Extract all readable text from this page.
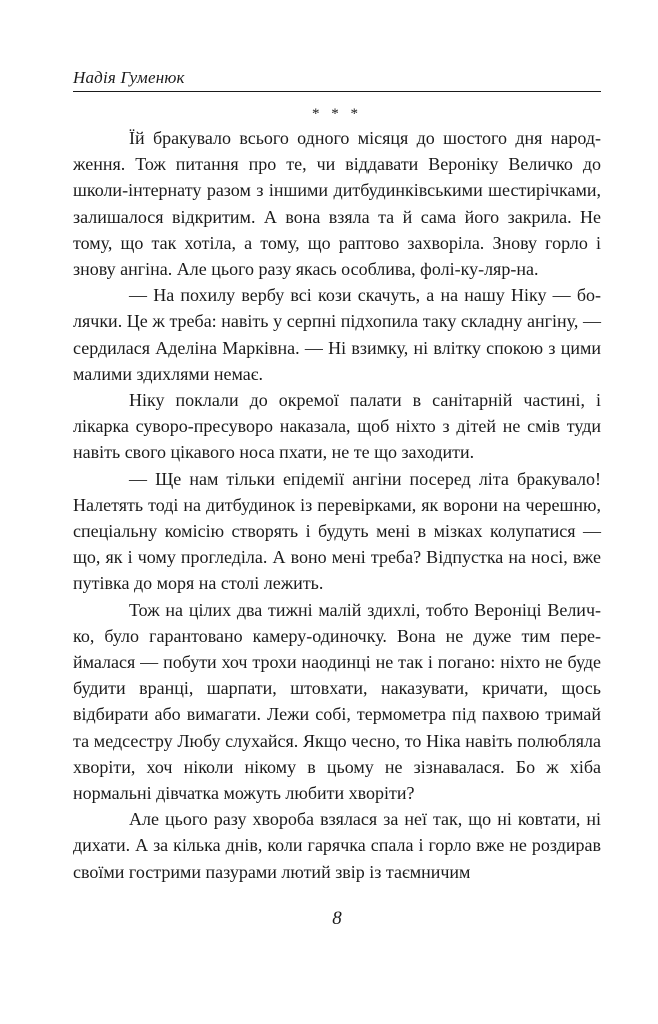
Надія Гуменюк
* * *

Їй бракувало всього одного місяця до шостого дня народження. Тож питання про те, чи віддавати Вероніку Величко до школи-інтернату разом з іншими дитбудинківськими шестирічками, залишалося відкритим. А вона взяла та й сама його закрила. Не тому, що так хотіла, а тому, що раптово захворіла. Знову горло і знову ангіна. Але цього разу якась особлива, фолі-ку-ляр-на.

— На похилу вербу всі кози скачуть, а на нашу Ніку — болячки. Це ж треба: навіть у серпні підхопила таку складну ангіну, — сердилася Аделіна Марківна. — Ні взимку, ні влітку спокою з цими малими здихлями немає.

Ніку поклали до окремої палати в санітарній частині, і лікарка суворо-пресуворо наказала, щоб ніхто з дітей не смів туди навіть свого цікавого носа пхати, не те що заходити.

— Ще нам тільки епідемії ангіни посеред літа бракувало! Налетять тоді на дитбудинок із перевірками, як ворони на черешню, спеціальну комісію створять і будуть мені в мізках колупатися — що, як і чому прогледіла. А воно мені треба? Відпустка на носі, вже путівка до моря на столі лежить.

Тож на цілих два тижні малій здихлі, тобто Вероніці Величко, було гарантовано камеру-одиночку. Вона не дуже тим переймалася — побути хоч трохи наодинці не так і погано: ніхто не буде будити вранці, шарпати, штовхати, наказувати, кричати, щось відбирати або вимагати. Лежи собі, термометра під пахвою тримай та медсестру Любу слухайся. Якщо чесно, то Ніка навіть полюбляла хворіти, хоч ніколи нікому в цьому не зізнавалася. Бо ж хіба нормальні дівчатка можуть любити хворіти?

Але цього разу хвороба взялася за неї так, що ні ковтати, ні дихати. А за кілька днів, коли гарячка спала і горло вже не роздирав своїми гострими пазурами лютий звір із таємничим

8
